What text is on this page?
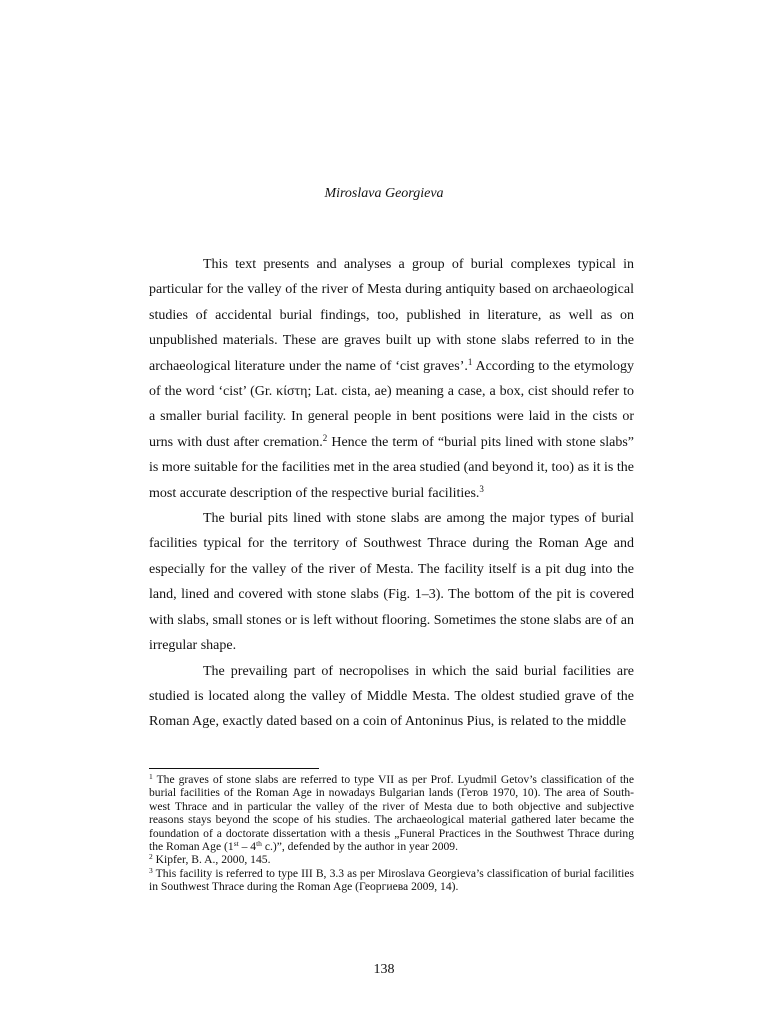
Miroslava Georgieva

This text presents and analyses a group of burial complexes typical in particular for the valley of the river of Mesta during antiquity based on archaeological studies of accidental burial findings, too, published in literature, as well as on unpublished materials. These are graves built up with stone slabs referred to in the archaeological literature under the name of ‘cist graves’.$^1$ According to the etymology of the word ‘cist’ (Gr. κίστη; Lat. cista, ae) meaning a case, a box, cist should refer to a smaller burial facility. In general people in bent positions were laid in the cists or urns with dust after cremation.$^2$ Hence the term of “burial pits lined with stone slabs” is more suitable for the facilities met in the area studied (and beyond it, too) as it is the most accurate description of the respective burial facilities.$^3$

The burial pits lined with stone slabs are among the major types of burial facilities typical for the territory of Southwest Thrace during the Roman Age and especially for the valley of the river of Mesta. The facility itself is a pit dug into the land, lined and covered with stone slabs (Fig. 1–3). The bottom of the pit is covered with slabs, small stones or is left without flooring. Sometimes the stone slabs are of an irregular shape.

The prevailing part of necropolises in which the said burial facilities are studied is located along the valley of Middle Mesta. The oldest studied grave of the Roman Age, exactly dated based on a coin of Antoninus Pius, is related to the middle

$^1$ The graves of stone slabs are referred to type VII as per Prof. Lyudmil Getov’s classification of the burial facilities of the Roman Age in nowadays Bulgarian lands (Гетов 1970, 10). The area of South-west Thrace and in particular the valley of the river of Mesta due to both objective and subjective reasons stays beyond the scope of his studies. The archaeological material gathered later became the foundation of a doctorate dissertation with a thesis „Funeral Practices in the Southwest Thrace during the Roman Age (1st – 4th c.)”, defended by the author in year 2009.

$^2$ Kipfer, B. A., 2000, 145.

$^3$ This facility is referred to type III B, 3.3 as per Miroslava Georgieva’s classification of burial facilities in Southwest Thrace during the Roman Age (Георгиева 2009, 14).

138
